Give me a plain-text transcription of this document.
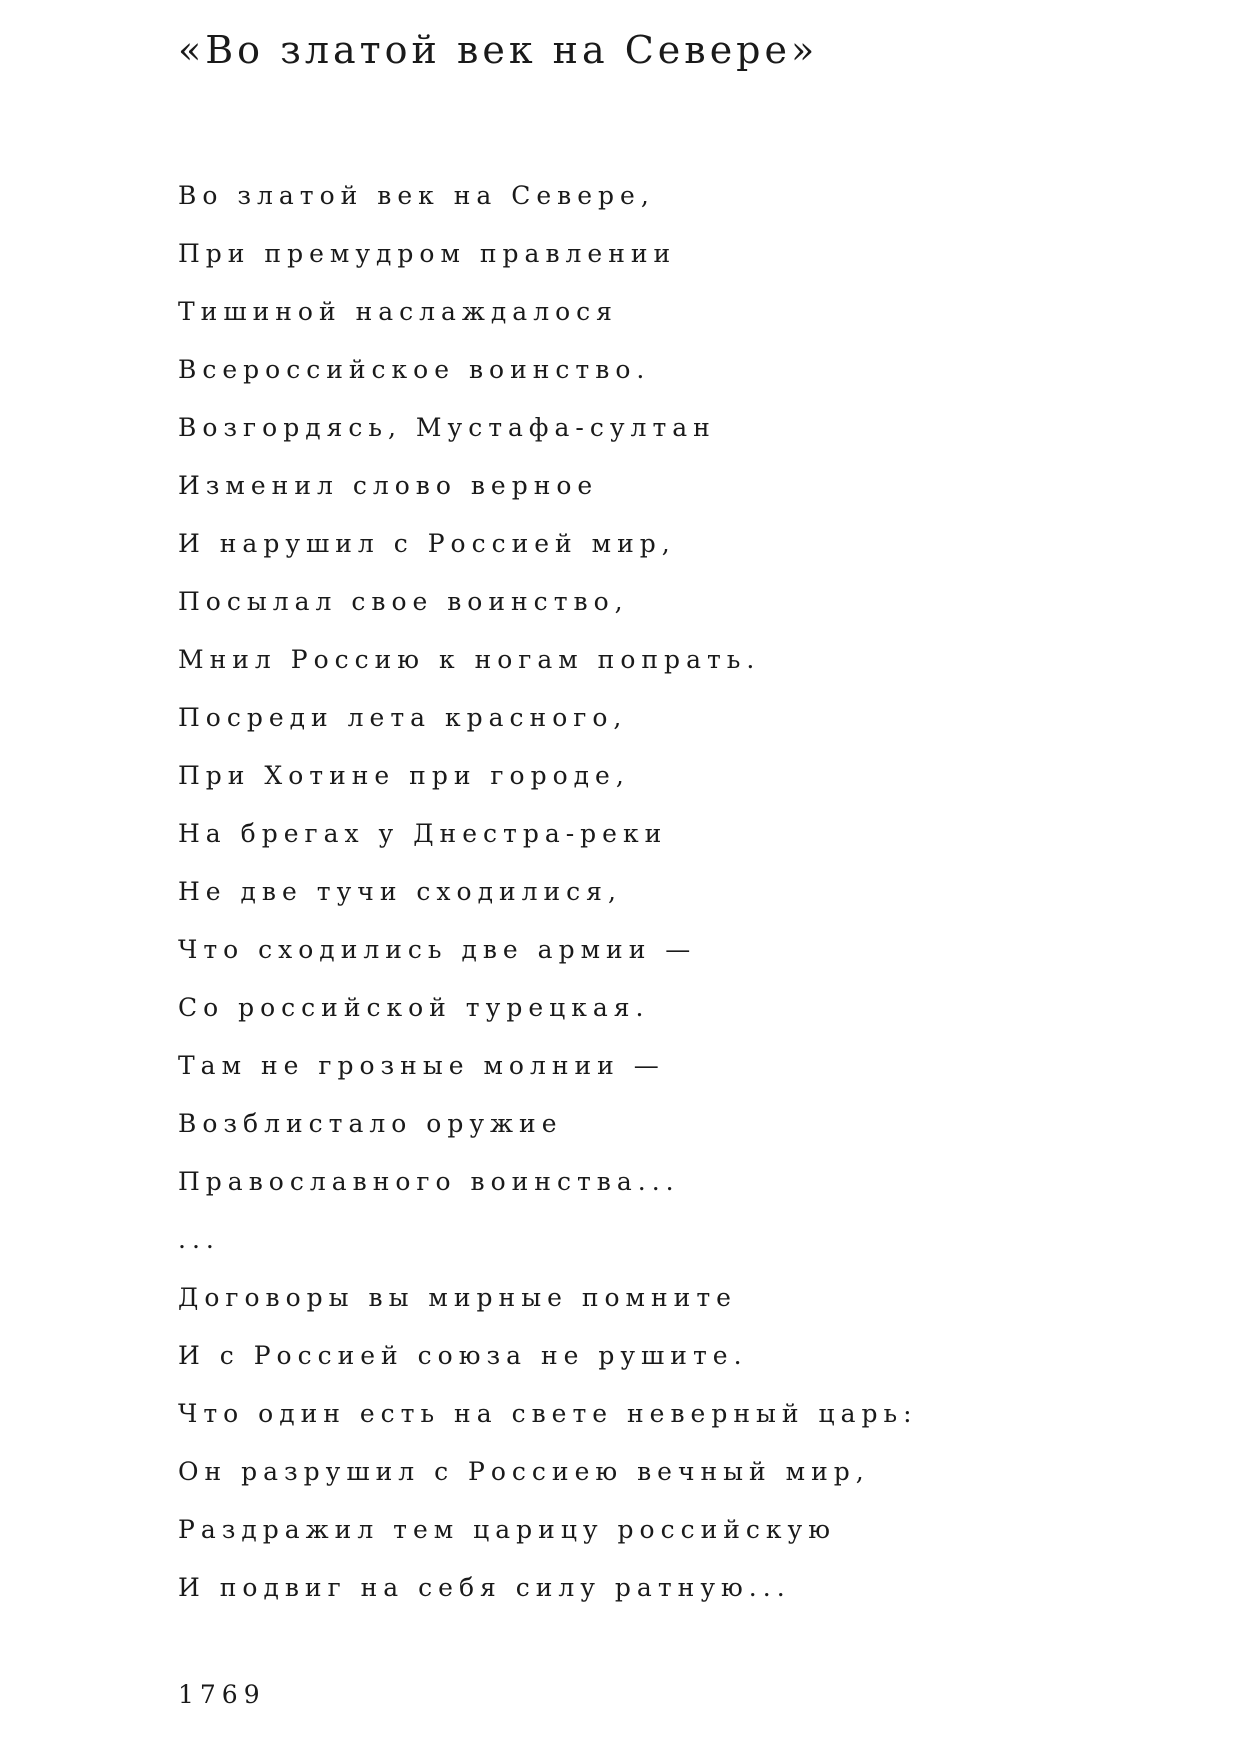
«Во златой век на Севере»
Во златой век на Севере,
При премудром правлении
Тишиной наслаждалося
Всероссийское воинство.
Возгордясь, Мустафа-султан
Изменил слово верное
И нарушил с Россией мир,
Посылал свое воинство,
Мнил Россию к ногам попрать.
Посреди лета красного,
При Хотине при городе,
На брегах у Днестра-реки
Не две тучи сходилися,
Что сходились две армии —
Со российской турецкая.
Там не грозные молнии —
Возблистало оружие
Православного воинства...
...
Договоры вы мирные помните
И с Россией союза не рушите.
Что один есть на свете неверный царь:
Он разрушил с Россиею вечный мир,
Раздражил тем царицу российскую
И подвиг на себя силу ратную...
1769
